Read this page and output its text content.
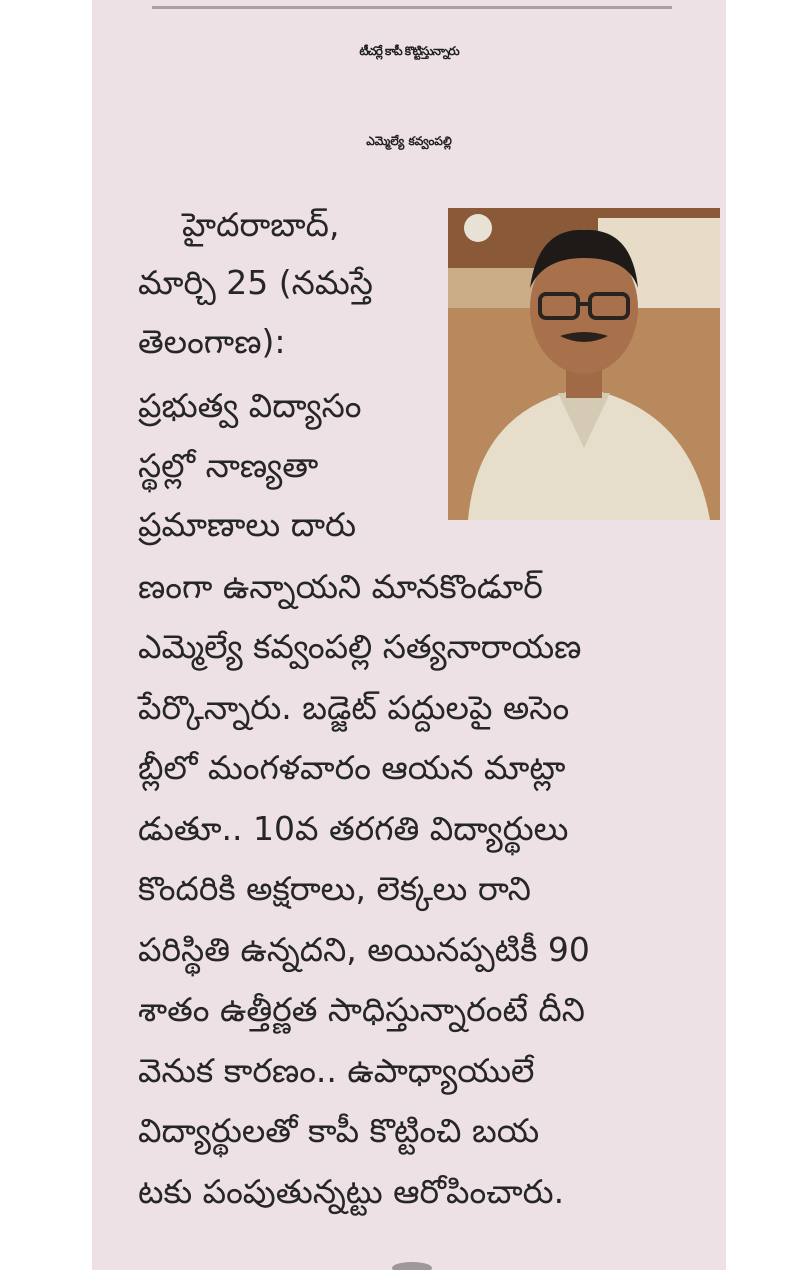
టీచర్లే కాపీ కొట్టిస్తున్నారు
ఎమ్మెల్యే కవ్వంపల్లి
హైదరాబాద్,
మార్చి 25 (నమస్తే
తెలంగాణ):
ప్రభుత్వ విద్యాసం
స్థల్లో నాణ్యతా
ప్రమాణాలు దారు
ణంగా ఉన్నాయని మానకొండూర్
ఎమ్మెల్యే కవ్వంపల్లి సత్యనారాయణ
పేర్కొన్నారు. బడ్జెట్ పద్దులపై అసెం
బ్లీలో మంగళవారం ఆయన మాట్లా
డుతూ.. 10వ తరగతి విద్యార్థులు
కొందరికి అక్షరాలు, లెక్కలు రాని
పరిస్థితి ఉన్నదని, అయినప్పటికీ 90
శాతం ఉత్తీర్ణత సాధిస్తున్నారంటే దీని
వెనుక కారణం.. ఉపాధ్యాయులే
విద్యార్థులతో కాపీ కొట్టించి బయ
టకు పంపుతున్నట్టు ఆరోపించారు.
